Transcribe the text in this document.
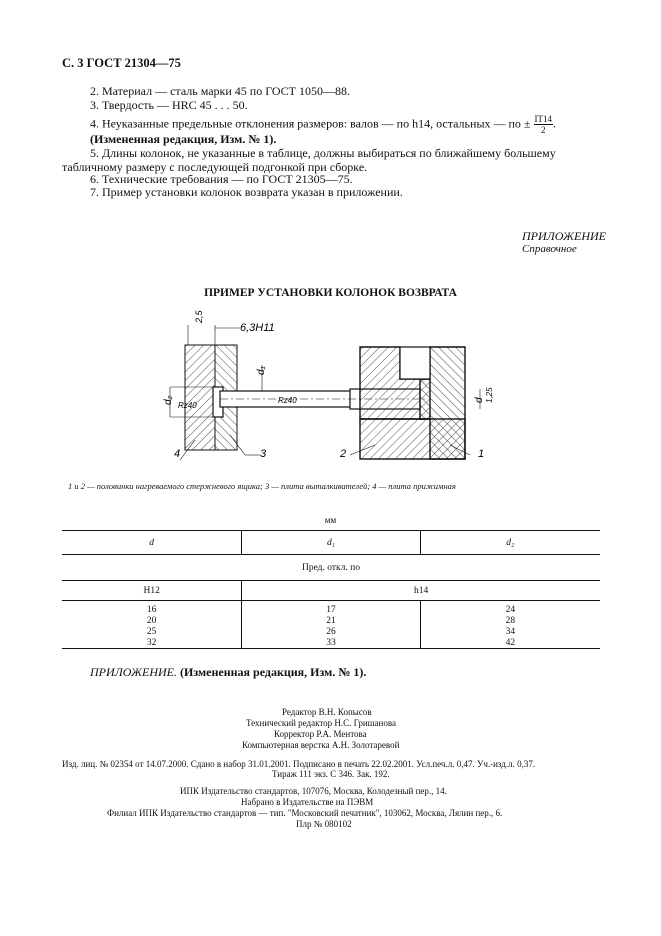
С. 3 ГОСТ 21304—75
2. Материал — сталь марки 45 по ГОСТ 1050—88.
3. Твердость — HRC 45 . . . 50.
4. Неуказанные предельные отклонения размеров: валов — по h14, остальных — по ± $\frac{IT14}{2}$ .
(Измененная редакция, Изм. № 1).
5. Длины колонок, не указанные в таблице, должны выбираться по ближайшему большему
табличному размеру с последующей подгонкой при сборке.
6. Технические требования — по ГОСТ 21305—75.
7. Пример установки колонок возврата указан в приложении.
ПРИЛОЖЕНИЕ
Справочное
ПРИМЕР УСТАНОВКИ КОЛОНОК ВОЗВРАТА
2,5
6,3H11
d₂
Rz40
d₁
Rz40	d 1,25
4	3	2	1
1 и 2 — половинки нагреваемого стержневого ящика; 3 — плита выталкивателей; 4 — плита прижимная
мм
d	d₁	d₂
Пред. откл. по		
H12	h14	

16	17	24
20	21	28
25	26	34
32	33	42
ПРИЛОЖЕНИЕ. (Измененная редакция, Изм. № 1).
Редактор В.Н. Копысов
Технический редактор Н.С. Гришанова
Корректор Р.А. Ментова
Компьютерная верстка А.Н. Золотаревой
Изд. лиц. № 02354 от 14.07.2000. Сдано в набор 31.01.2001. Подписано в печать 22.02.2001. Усл.печ.л. 0,47. Уч.-изд.л. 0,37.
Тираж 111 экз. С 346. Зак. 192.
ИПК Издательство стандартов, 107076, Москва, Колодезный пер., 14.
Набрано в Издательстве на ПЭВМ
Филиал ИПК Издательство стандартов — тип. "Московский печатник", 103062, Москва, Лялин пер., 6.
Плр № 080102
